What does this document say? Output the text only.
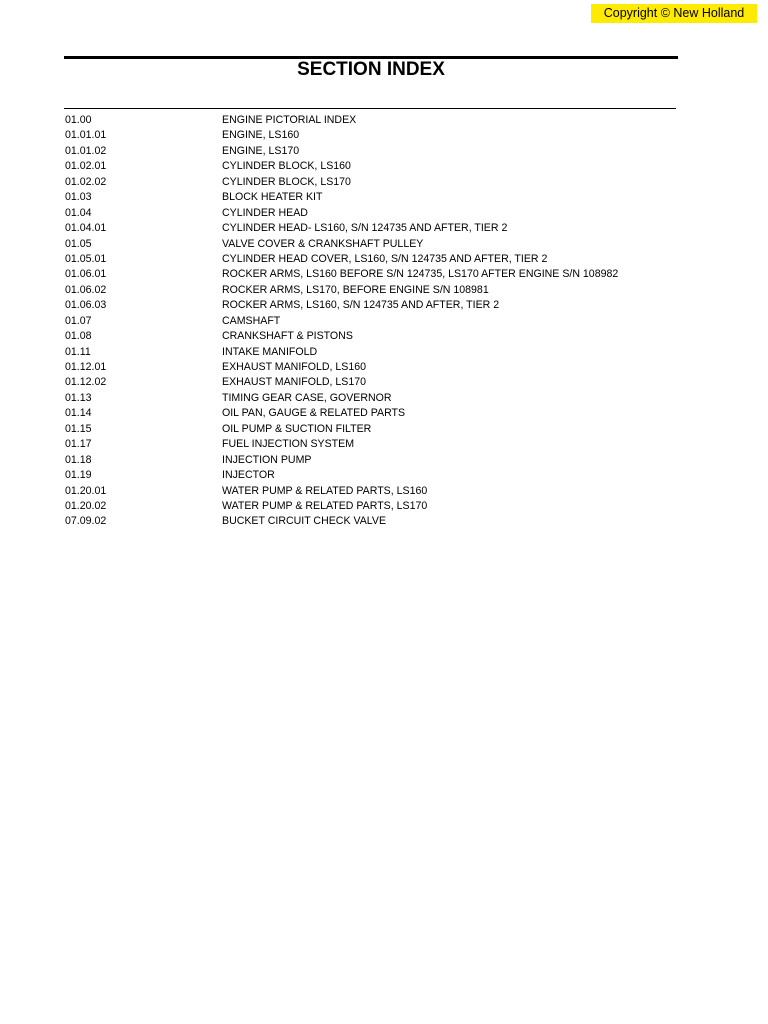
Copyright © New Holland
SECTION INDEX
01.00	ENGINE PICTORIAL INDEX
01.01.01	ENGINE, LS160
01.01.02	ENGINE, LS170
01.02.01	CYLINDER BLOCK, LS160
01.02.02	CYLINDER BLOCK, LS170
01.03	BLOCK HEATER KIT
01.04	CYLINDER HEAD
01.04.01	CYLINDER HEAD- LS160, S/N 124735 AND AFTER, TIER 2
01.05	VALVE COVER & CRANKSHAFT PULLEY
01.05.01	CYLINDER HEAD COVER, LS160, S/N 124735 AND AFTER, TIER 2
01.06.01	ROCKER ARMS, LS160 BEFORE S/N 124735, LS170 AFTER ENGINE S/N 108982
01.06.02	ROCKER ARMS, LS170, BEFORE ENGINE S/N 108981
01.06.03	ROCKER ARMS, LS160, S/N 124735 AND AFTER, TIER 2
01.07	CAMSHAFT
01.08	CRANKSHAFT & PISTONS
01.11	INTAKE MANIFOLD
01.12.01	EXHAUST MANIFOLD, LS160
01.12.02	EXHAUST MANIFOLD, LS170
01.13	TIMING GEAR CASE, GOVERNOR
01.14	OIL PAN, GAUGE & RELATED PARTS
01.15	OIL PUMP & SUCTION FILTER
01.17	FUEL INJECTION SYSTEM
01.18	INJECTION PUMP
01.19	INJECTOR
01.20.01	WATER PUMP & RELATED PARTS, LS160
01.20.02	WATER PUMP & RELATED PARTS, LS170
07.09.02	BUCKET CIRCUIT CHECK VALVE
